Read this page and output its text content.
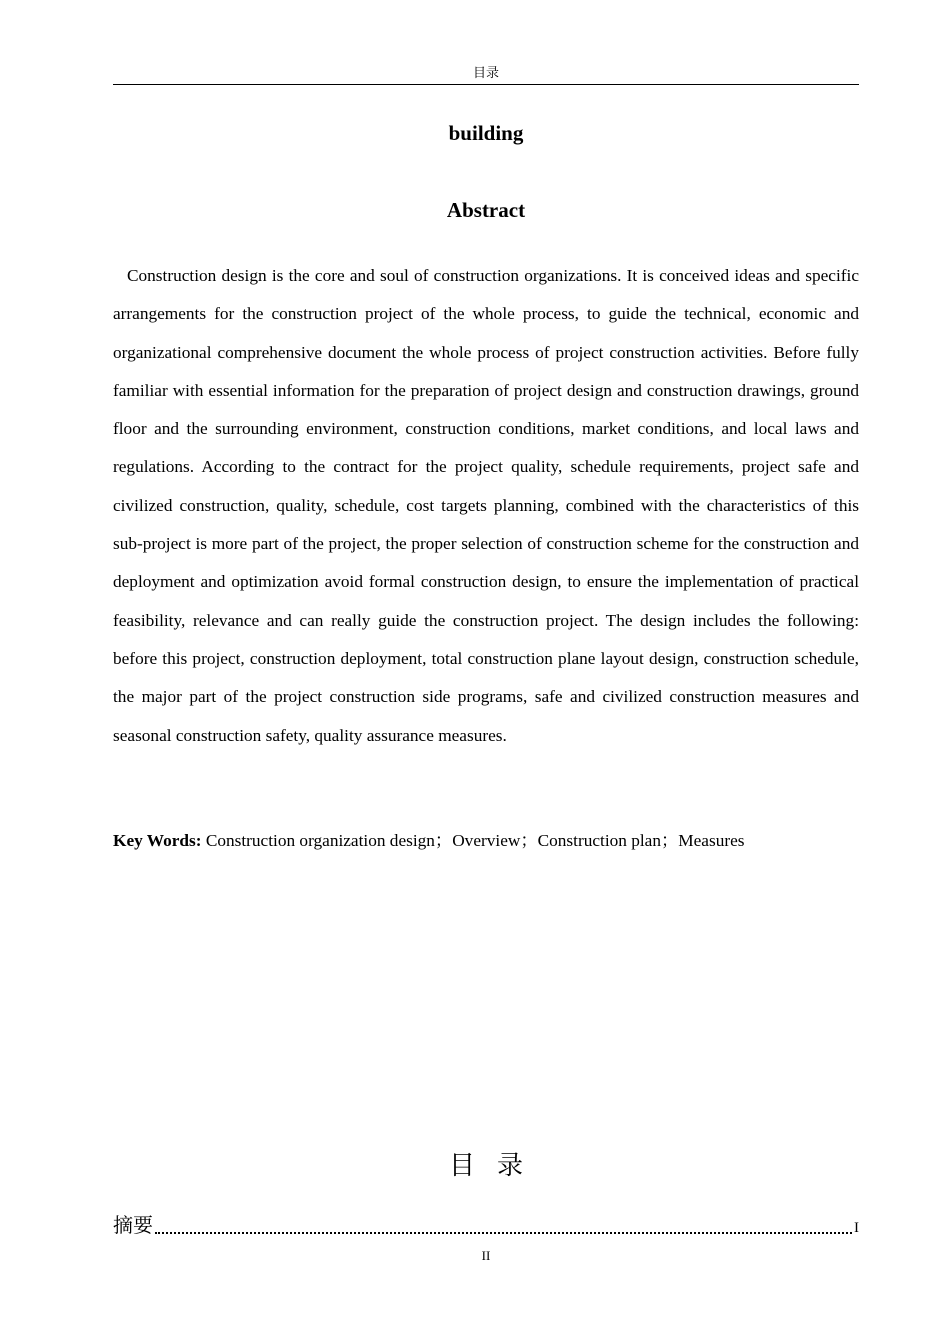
目录
building
Abstract

Construction design is the core and soul of construction organizations. It is conceived ideas and specific arrangements for the construction project of the whole process, to guide the technical, economic and organizational comprehensive document the whole process of project construction activities. Before fully familiar with essential information for the preparation of project design and construction drawings, ground floor and the surrounding environment, construction conditions, market conditions, and local laws and regulations. According to the contract for the project quality, schedule requirements, project safe and civilized construction, quality, schedule, cost targets planning, combined with the characteristics of this sub-project is more part of the project, the proper selection of construction scheme for the construction and deployment and optimization avoid formal construction design, to ensure the implementation of practical feasibility, relevance and can really guide the construction project. The design includes the following: before this project, construction deployment, total construction plane layout design, construction schedule, the major part of the project construction side programs, safe and civilized construction measures and seasonal construction safety, quality assurance measures.

Key Words: Construction organization design；Overview；Construction plan；Measures

目录
摘要	I
II
